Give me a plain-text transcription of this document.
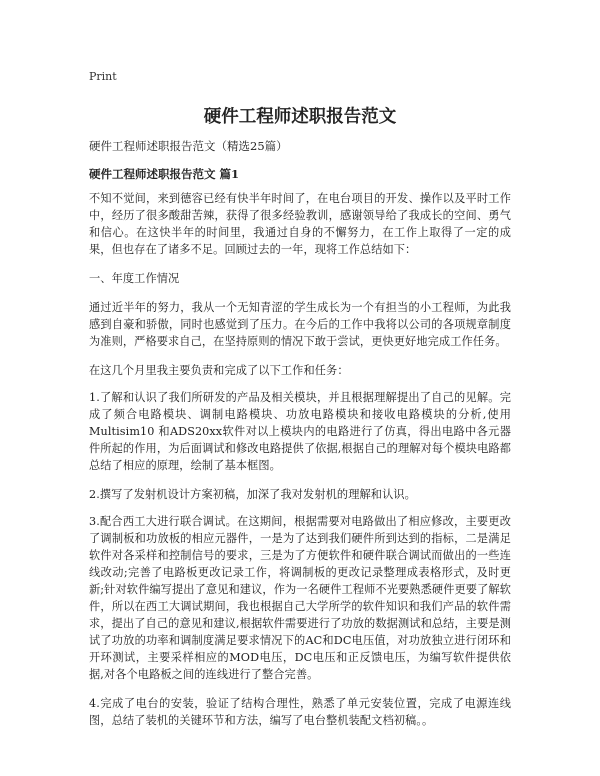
Print
硬件工程师述职报告范文
硬件工程师述职报告范文（精选25篇）
硬件工程师述职报告范文 篇1

不知不觉间，来到德容已经有快半年时间了，在电台项目的开发、操作以及平时工作中，经历了很多酸甜苦辣，获得了很多经验教训，感谢领导给了我成长的空间、勇气和信心。在这快半年的时间里，我通过自身的不懈努力，在工作上取得了一定的成果，但也存在了诸多不足。回顾过去的一年，现将工作总结如下：

一、年度工作情况

通过近半年的努力，我从一个无知青涩的学生成长为一个有担当的小工程师，为此我感到自豪和骄傲，同时也感觉到了压力。在今后的工作中我将以公司的各项规章制度为准则，严格要求自己，在坚持原则的情况下敢于尝试，更快更好地完成工作任务。

在这几个月里我主要负责和完成了以下工作和任务：

1.了解和认识了我们所研发的产品及相关模块，并且根据理解提出了自己的见解。完成了频合电路模块、调制电路模块、功放电路模块和接收电路模块的分析,使用Multisim10 和ADS20xx软件对以上模块内的电路进行了仿真，得出电路中各元器件所起的作用，为后面调试和修改电路提供了依据,根据自己的理解对每个模块电路都总结了相应的原理，绘制了基本框图。

2.撰写了发射机设计方案初稿，加深了我对发射机的理解和认识。

3.配合西工大进行联合调试。在这期间，根据需要对电路做出了相应修改，主要更改了调制板和功放板的相应元器件，一是为了达到我们硬件所到达到的指标，二是满足软件对各采样和控制信号的要求，三是为了方便软件和硬件联合调试而做出的一些连线改动;完善了电路板更改记录工作，将调制板的更改记录整理成表格形式，及时更新;针对软件编写提出了意见和建议，作为一名硬件工程师不光要熟悉硬件更要了解软件，所以在西工大调试期间，我也根据自己大学所学的软件知识和我们产品的软件需求，提出了自己的意见和建议,根据软件需要进行了功放的数据测试和总结，主要是测试了功放的功率和调制度满足要求情况下的AC和DC电压值，对功放独立进行闭环和开环测试，主要采样相应的MOD电压，DC电压和正反馈电压，为编写软件提供依据,对各个电路板之间的连线进行了整合完善。

4.完成了电台的安装，验证了结构合理性，熟悉了单元安装位置，完成了电源连线图，总结了装机的关键环节和方法，编写了电台整机装配文档初稿。。
